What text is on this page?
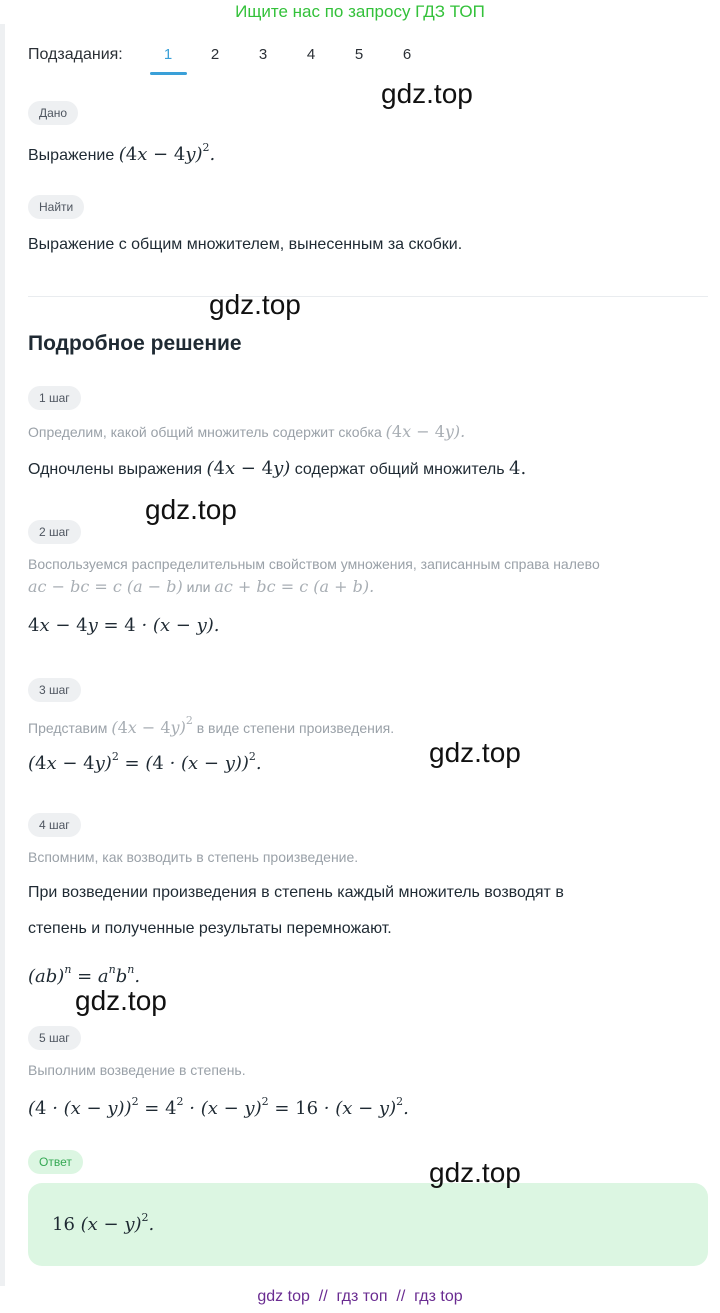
Ищите нас по запросу ГДЗ ТОП
Подзадания:	1	2	3	4	5	6
Дано
Выражение $(4x - 4y)^2$.
Найти
Выражение с общим множителем, вынесенным за скобки.
Подробное решение
1 шаг
Определим, какой общий множитель содержит скобка (4x − 4y).
Одночлены выражения (4x − 4y) содержат общий множитель 4.
2 шаг
Воспользуемся распределительным свойством умножения, записанным справа налево
ac − bc = c (a − b) или ac + bc = c (a + b).
4x − 4y = 4 · (x − y).
3 шаг
Представим $(4x - 4y)^2$ в виде степени произведения.
$(4x - 4y)^2 = (4 \cdot (x - y))^2$.
4 шаг
Вспомним, как возводить в степень произведение.
При возведении произведения в степень каждый множитель возводят в
степень и полученные результаты перемножают.
$(ab)^n = a^nb^n$.
5 шаг
Выполним возведение в степень.
$(4 \cdot (x - y))^2 = 4^2 \cdot (x - y)^2 = 16 \cdot (x - y)^2$.
Ответ
16 $(x - y)^2$.
gdz.top
gdz.top
gdz.top
gdz.top
gdz.top
gdz.top
gdz top  //  гдз топ  //  гдз top
